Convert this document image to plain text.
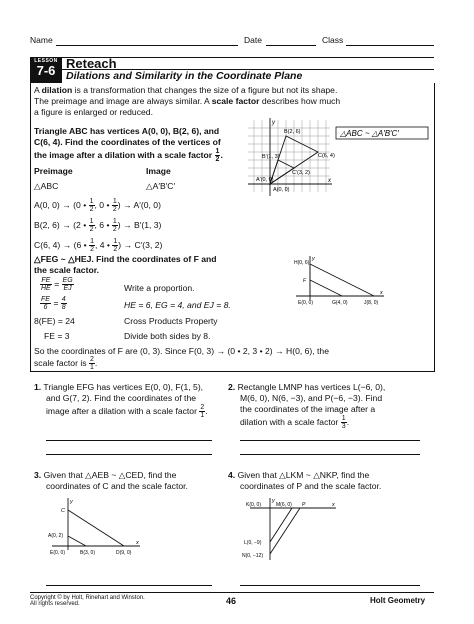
Name	Date	Class
LESSON
7-6 Reteach
Dilations and Similarity in the Coordinate Plane
A dilation is a transformation that changes the size of a figure but not its shape.
The preimage and image are always similar. A scale factor describes how much
a figure is enlarged or reduced.
Triangle ABC has vertices A(0, 0), B(2, 6), and
C(6, 4). Find the coordinates of the vertices of
the image after a dilation with a scale factor $\frac{1}{2}$ .
Preimage	Image
△ABC	△A′B′C′
A(0, 0) → (0 • $\frac{1}{2}$ , 0 • $\frac{1}{2}$ ) → A′(0, 0)
B(2, 6) → (2 • $\frac{1}{2}$ , 6 • $\frac{1}{2}$ ) → B′(1, 3)
C(6, 4) → (6 • $\frac{1}{2}$ , 4 • $\frac{1}{2}$ ) → C′(3, 2)
y
x
B(2, 6)
B′(1, 3)	C(6, 4)
C′(3, 2)
A′(0, 0)
A(0, 0)
△ABC ~ △A′B′C′
△FEG ~ △HEJ. Find the coordinates of F and
the scale factor.
$\frac{FE}{HE} = \frac{EG}{EJ}$	Write a proportion.
$\frac{FE}{6} = \frac{4}{8}$	HE = 6, EG = 4, and EJ = 8.
8(FE) = 24	Cross Products Property
FE = 3	Divide both sides by 8.
So the coordinates of F are (0, 3). Since F(0, 3) → (0 • 2, 3 • 2) → H(0, 6), the
scale factor is $\frac{2}{1}$ .
y
x
H(0, 6)
F
E(0, 0)	G(4, 0)	J(8, 0)
1. Triangle EFG has vertices E(0, 0), F(1, 5),
and G(7, 2). Find the coordinates of the
image after a dilation with a scale factor $\frac{2}{1}$ .
2. Rectangle LMNP has vertices L(−6, 0),
M(6, 0), N(6, −3), and P(−6, −3). Find
the coordinates of the image after a
dilation with a scale factor $\frac{1}{3}$ .
3. Given that △AEB ~ △CED, find the
coordinates of C and the scale factor.
y
x
C
A(0, 2)
E(0, 0)	B(3, 0)	D(9, 0)
4. Given that △LKM ~ △NKP, find the
coordinates of P and the scale factor.
y
x
K(0, 0)	M(6, 0) P
L(0, −9)
N(0, −12)
Copyright © by Holt, Rinehart and Winston.
All rights reserved.	46	Holt Geometry
